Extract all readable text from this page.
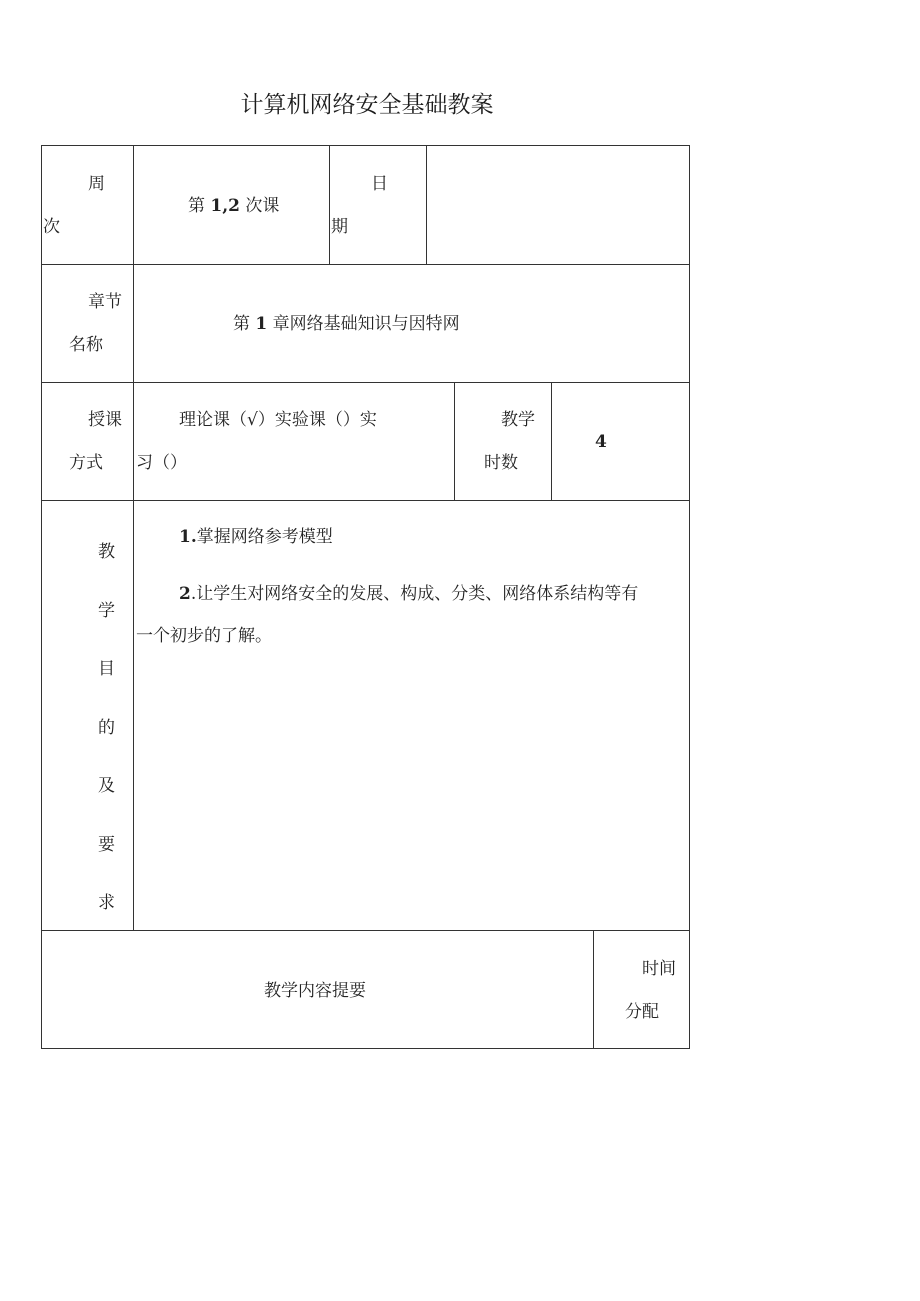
计算机网络安全基础教案
周
次
第 1,2 次课
日
期
章节
名称
第 1 章网络基础知识与因特网
授课
方式
理论课（√）实验课（）实
习（）
教学
时数
4
教
学
目
的
及
要
求
1.掌握网络参考模型
2.让学生对网络安全的发展、构成、分类、网络体系结构等有
一个初步的了解。
教学内容提要
时间
分配
